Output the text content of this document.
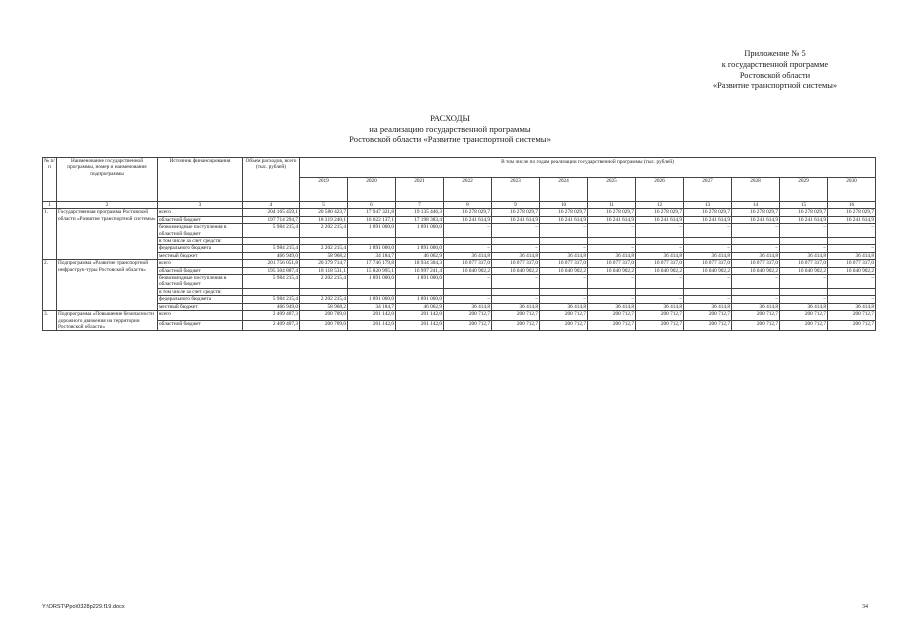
Приложение № 5
к государственной программе
Ростовской области
«Развитие транспортной системы»
РАСХОДЫ
на реализацию государственной программы
Ростовской области «Развитие транспортной системы»
№ п/п	Наименование государственной программы, номер и наименование подпрограммы	Источник финансирования	Объем расходов, всего (тыс. рублей)	В том числе по годам реализации государственной программы (тыс. рублей)											
				2019	2020	2021	2022	2023	2024	2025	2026	2027	2028	2029	2030
1	2	3	4	5	6	7	8	9	10	11	12	13	14	15	16
1.	Государственная программа Ростовской области «Развитие транспортной системы»	всего	204 165 459,1	20 580 423,7	17 947 321,8	19 135 446,3	16 278 029,7	16 278 029,7	16 278 029,7	16 278 029,7	16 278 029,7	16 278 029,7	16 278 029,7	16 278 029,7	16 278 029,7
		областной бюджет	197 714 294,7	18 319 240,1	16 022 137,1	17 198 383,4	16 241 614,9	16 241 614,9	16 241 614,9	16 241 614,9	16 241 614,9	16 241 614,9	16 241 614,9	16 241 614,9	16 241 614,9
		безвозмездные поступления в областной бюджет	5 984 215,4	2 202 215,4	1 891 000,0	1 891 000,0	–	–	–	–	–	–	–	–	–
		в том числе за счет средств:													
		федерального бюджета	5 984 215,4	2 202 215,4	1 891 000,0	1 891 000,0	–	–	–	–	–	–	–	–	–
		местный бюджет	466 949,0	58 968,2	34 184,7	46 062,9	36 414,8	36 414,8	36 414,8	36 414,8	36 414,8	36 414,8	36 414,8	36 414,8	36 414,8
2.	Подпрограмма «Развитие транспортной инфраструк-туры Ростовской области»	всего	201 756 051,8	20 379 714,7	17 746 179,8	18 934 304,3	16 077 317,0	16 077 317,0	16 077 317,0	16 077 317,0	16 077 317,0	16 077 317,0	16 077 317,0	16 077 317,0	16 077 317,0
		областной бюджет	195 304 887,4	18 118 531,1	15 820 995,1	16 997 241,4	16 040 902,2	16 040 902,2	16 040 902,2	16 040 902,2	16 040 902,2	16 040 902,2	16 040 902,2	16 040 902,2	16 040 902,2
		безвозмездные поступления в областной бюджет	5 984 215,4	2 202 215,4	1 891 000,0	1 891 000,0	–	–	–	–	–	–	–	–	–
		в том числе за счет средств:													
		федерального бюджета	5 984 215,4	2 202 215,4	1 891 000,0	1 891 000,0	–	–	–	–	–	–	–	–	–
		местный бюджет	466 949,0	58 968,2	34 184,7	46 062,9	36 414,8	36 414,8	36 414,8	36 414,8	36 414,8	36 414,8	36 414,8	36 414,8	36 414,8
3.	Подпрограмма «Повышение безопасности дорожного движения на территории Ростовской области»	всего	2 409 407,3	200 709,0	201 142,0	201 142,0	200 712,7	200 712,7	200 712,7	200 712,7	200 712,7	200 712,7	200 712,7	200 712,7	200 712,7
		областной бюджет	2 409 407,3	200 709,0	201 142,0	201 142,0	200 712,7	200 712,7	200 712,7	200 712,7	200 712,7	200 712,7	200 712,7	200 712,7	200 712,7
Y:\ORST\Ppo\0328p229.f19.docx	34
